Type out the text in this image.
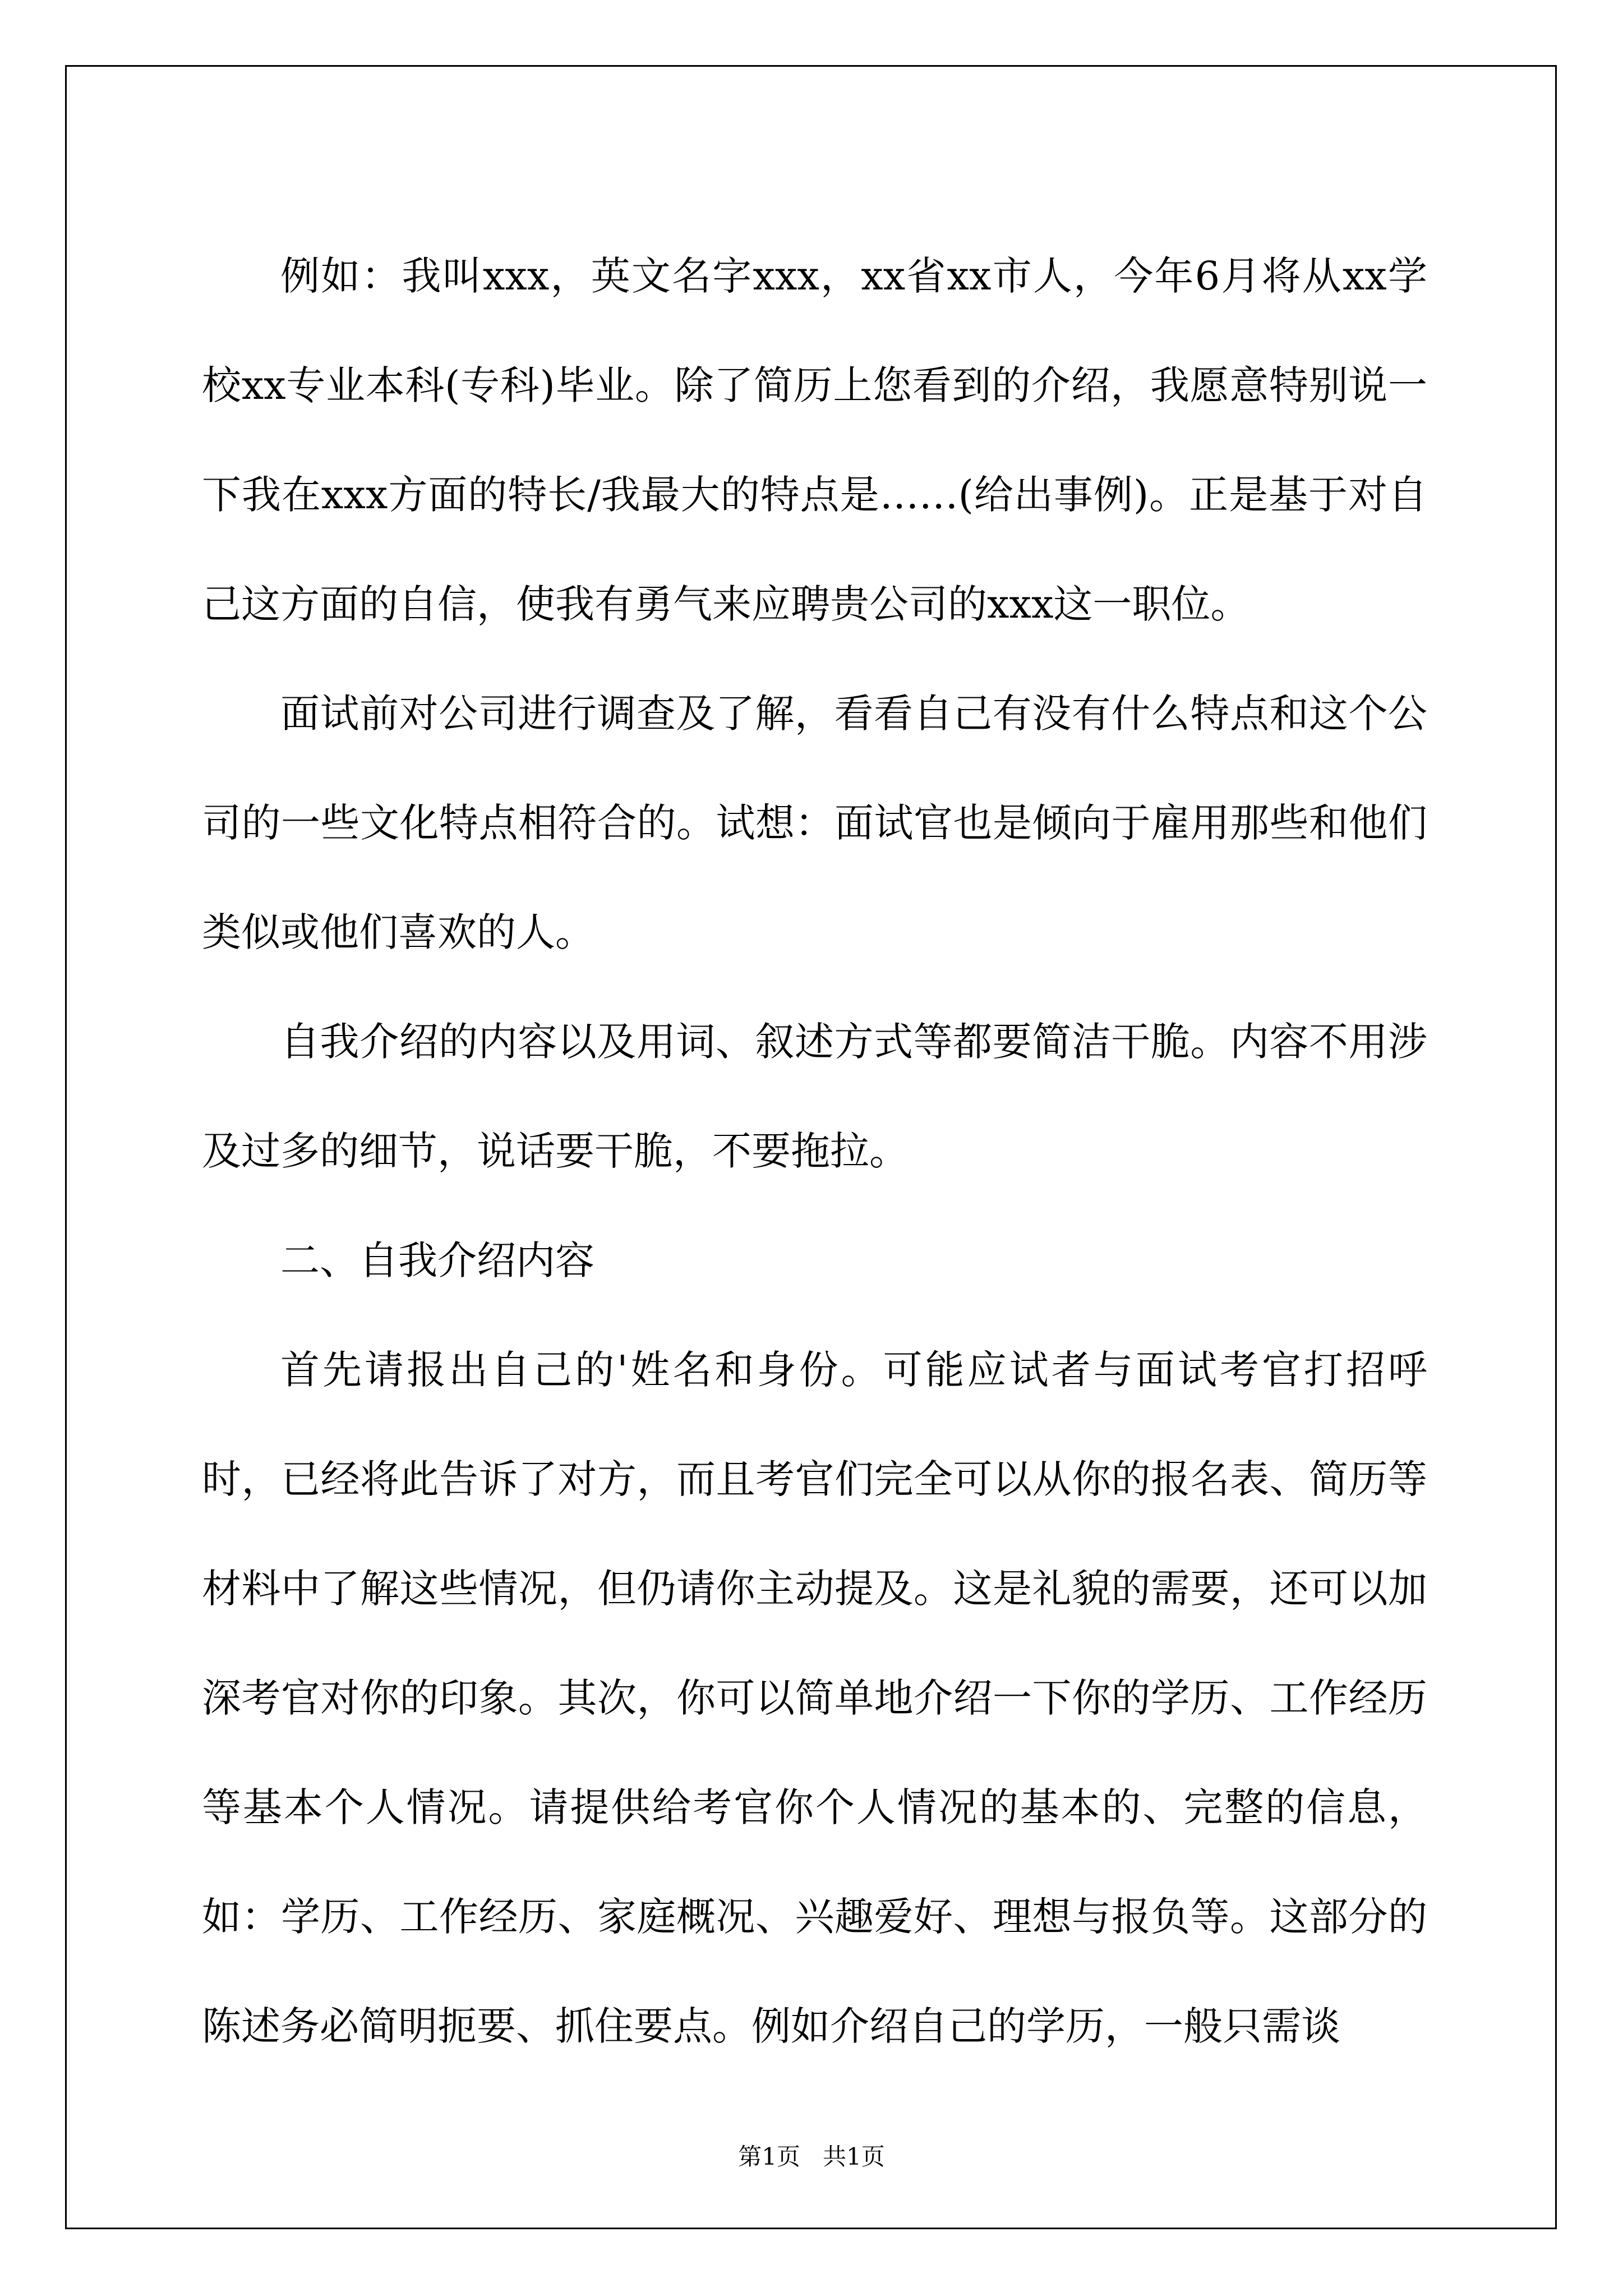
例如：我叫xxx，英文名字xxx，xx省xx市人，今年6月将从xx学校xx专业本科(专科)毕业。除了简历上您看到的介绍，我愿意特别说一下我在xxx方面的特长/我最大的特点是……(给出事例)。正是基于对自己这方面的自信，使我有勇气来应聘贵公司的xxx这一职位。

面试前对公司进行调查及了解，看看自己有没有什么特点和这个公司的一些文化特点相符合的。试想：面试官也是倾向于雇用那些和他们类似或他们喜欢的人。

自我介绍的内容以及用词、叙述方式等都要简洁干脆。内容不用涉及过多的细节，说话要干脆，不要拖拉。

二、自我介绍内容

首先请报出自己的'姓名和身份。可能应试者与面试考官打招呼时，已经将此告诉了对方，而且考官们完全可以从你的报名表、简历等材料中了解这些情况，但仍请你主动提及。这是礼貌的需要，还可以加深考官对你的印象。其次，你可以简单地介绍一下你的学历、工作经历等基本个人情况。请提供给考官你个人情况的基本的、完整的信息，如：学历、工作经历、家庭概况、兴趣爱好、理想与报负等。这部分的陈述务必简明扼要、抓住要点。例如介绍自己的学历，一般只需谈

第1页   共1页
